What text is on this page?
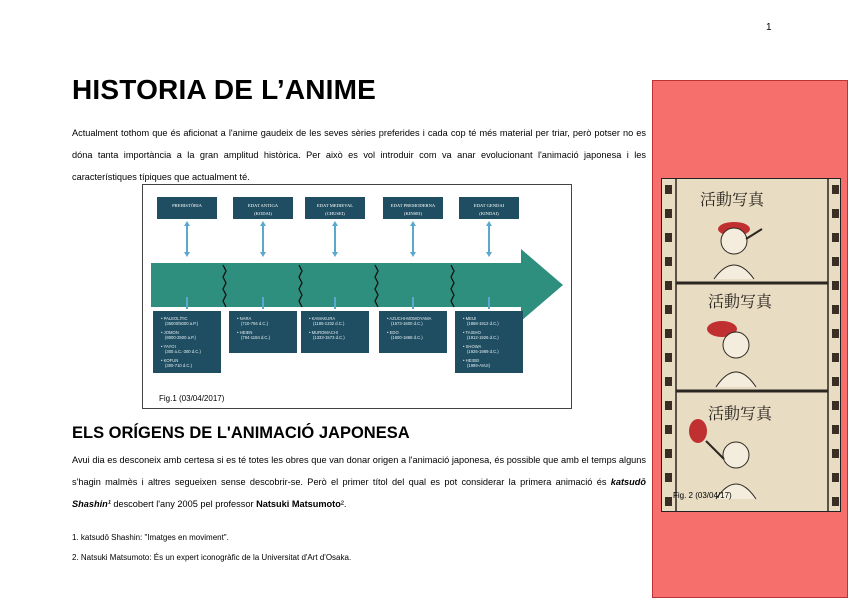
1
HISTORIA DE L’ANIME

Actualment tothom que és aficionat a l'anime gaudeix de les seves sèries preferides i cada cop té més material per triar, però potser no es dóna tanta importància a la gran amplitud històrica. Per això es vol introduir com va anar evolucionant l'animació japonesa i les característiques típiques que actualment té.

PREHISTÒRIA
• PALEOLÍTIC
(35000/5000 a.P.)
• JOMON
(9000-2500 a.P.)
• YAYOI
(300 a.C.-300 d.C.)
• KOFUN
(300-710 d.C.)
EDAT ANTIGA
(KODAI)
• NARA
(710-794 d.C.)
• HEIEN
(794-1184 d.C.)
EDAT MEDIEVAL
(CHUSEI)
• KAMAKURA
(1185-1332 d.C.)
• MUROMACHI
(1333-1573 d.C.)
EDAT PREMODERNA
(KINSEI)
• AZUCHI-MOMOYAMA
(1573-1600 d.C.)
• EDO
(1600-1868 d.C.)
EDAT GENDAI
(KINDAI)
• MEIJI
(1868-1912 d.C.)
• TAISHO
(1912-1926 d.C.)
• SHOWA
(1926-1989 d.C.)
• HEISEI
(1989-AVUI)
Fig.1 (03/04/2017)
ELS ORÍGENS DE L'ANIMACIÓ JAPONESA

Avui dia es desconeix amb certesa si es té totes les obres que van donar origen a l'animació japonesa, és possible que amb el temps alguns s'hagin malmès i altres segueixen sense descobrir-se. Però el primer títol del qual es pot considerar la primera animació és katsudō Shashin¹ descobert l'any 2005 pel professor Natsuki Matsumoto².

1. katsudō Shashin: "Imatges en moviment".

2. Natsuki Matsumoto: És un expert iconogràfic de la Universitat d'Art d'Osaka.

活動写真
活動写真
活動写真
Fig. 2 (03/04/17)
